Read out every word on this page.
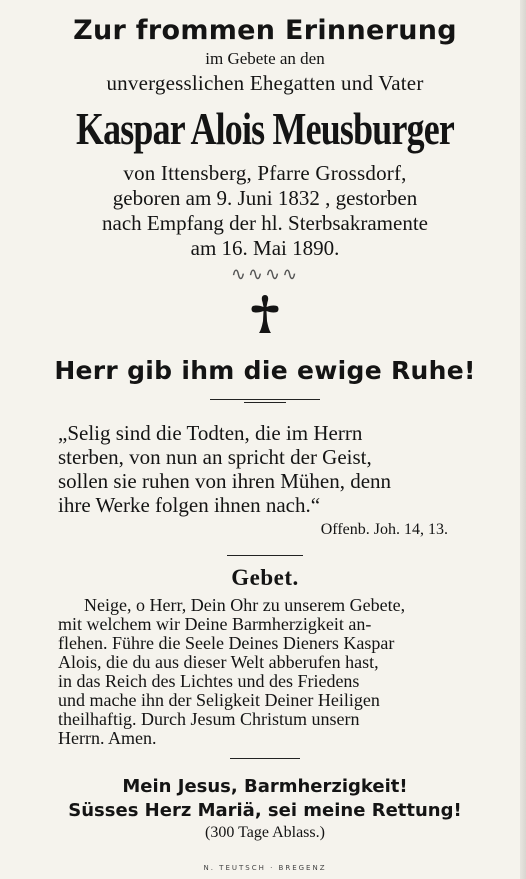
Zur frommen Erinnerung
im Gebete an den
unvergesslichen Ehegatten und Vater
Kaspar Alois Meusburger
von Ittensberg, Pfarre Grossdorf,
geboren am 9. Juni 1832 , gestorben
nach Empfang der hl. Sterbsakramente
am 16. Mai 1890.
∿∿∿∿
Herr gib ihm die ewige Ruhe!
„Selig sind die Todten, die im Herrn
sterben, von nun an spricht der Geist,
sollen sie ruhen von ihren Mühen, denn
ihre Werke folgen ihnen nach.“
Offenb. Joh. 14, 13.
Gebet.
Neige, o Herr, Dein Ohr zu unserem Gebete,
mit welchem wir Deine Barmherzigkeit an-
flehen. Führe die Seele Deines Dieners Kaspar
Alois, die du aus dieser Welt abberufen hast,
in das Reich des Lichtes und des Friedens
und mache ihn der Seligkeit Deiner Heiligen
theilhaftig. Durch Jesum Christum unsern
Herrn. Amen.
Mein Jesus, Barmherzigkeit!
Süsses Herz Mariä, sei meine Rettung!
(300 Tage Ablass.)
N. TEUTSCH · BREGENZ
